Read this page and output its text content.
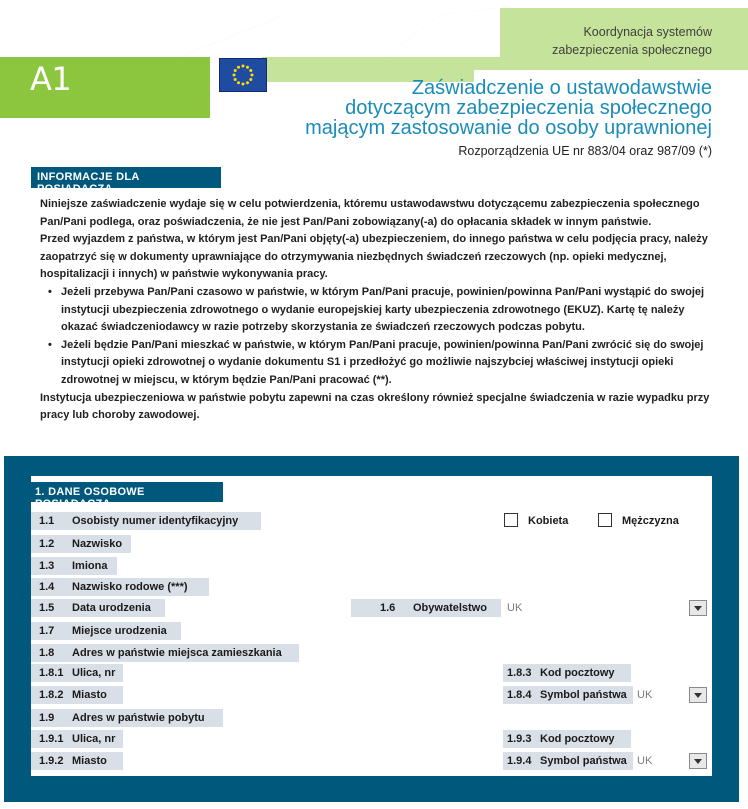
Koordynacja systemów
zabezpieczenia społecznego
A1	Zaświadczenie o ustawodawstwie
dotyczącym zabezpieczenia społecznego
mającym zastosowanie do osoby uprawnionej
Rozporządzenia UE nr 883/04 oraz 987/09 (*)
INFORMACJE DLA POSIADACZA

Niniejsze zaświadczenie wydaje się w celu potwierdzenia, któremu ustawodawstwu dotyczącemu zabezpieczenia społecznego Pan/Pani podlega, oraz poświadczenia, że nie jest Pan/Pani zobowiązany(-a) do opłacania składek w innym państwie.

Przed wyjazdem z państwa, w którym jest Pan/Pani objęty(-a) ubezpieczeniem, do innego państwa w celu podjęcia pracy, należy zaopatrzyć się w dokumenty uprawniające do otrzymywania niezbędnych świadczeń rzeczowych (np. opieki medycznej, hospitalizacji i innych) w państwie wykonywania pracy.

• Jeżeli przebywa Pan/Pani czasowo w państwie, w którym Pan/Pani pracuje, powinien/powinna Pan/Pani wystąpić do swojej instytucji ubezpieczenia zdrowotnego o wydanie europejskiej karty ubezpieczenia zdrowotnego (EKUZ). Kartę tę należy okazać świadczeniodawcy w razie potrzeby skorzystania ze świadczeń rzeczowych podczas pobytu.
• Jeżeli będzie Pan/Pani mieszkać w państwie, w którym Pan/Pani pracuje, powinien/powinna Pan/Pani zwrócić się do swojej instytucji opieki zdrowotnej o wydanie dokumentu S1 i przedłożyć go możliwie najszybciej właściwej instytucji opieki zdrowotnej w miejscu, w którym będzie Pan/Pani pracować (**).

Instytucja ubezpieczeniowa w państwie pobytu zapewni na czas określony również specjalne świadczenia w razie wypadku przy pracy lub choroby zawodowej.

1. DANE OSOBOWE POSIADACZA
1.1 Osobisty numer identyfikacyjny	Kobieta	Mężczyzna
1.2 Nazwisko
1.3 Imiona
1.4 Nazwisko rodowe (***)
1.5 Data urodzenia	1.6 Obywatelstwo UK
1.7 Miejsce urodzenia
1.8 Adres w państwie miejsca zamieszkania
1.8.1 Ulica, nr	1.8.3 Kod pocztowy
1.8.2 Miasto	1.8.4 Symbol państwa UK
1.9 Adres w państwie pobytu
1.9.1 Ulica, nr	1.9.3 Kod pocztowy
1.9.2 Miasto	1.9.4 Symbol państwa UK
